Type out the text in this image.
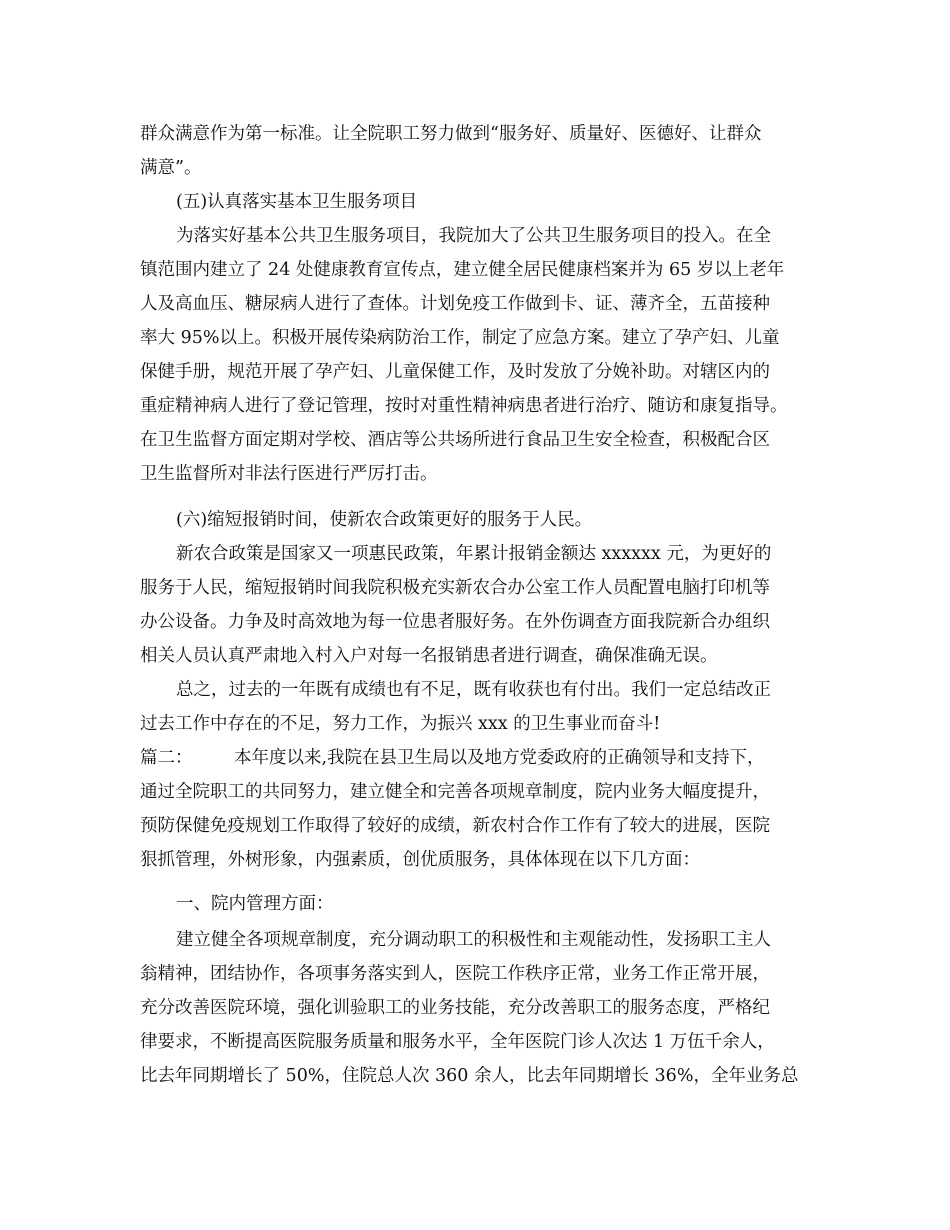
群众满意作为第一标准。让全院职工努力做到“服务好、质量好、医德好、让群众
满意”。
(五)认真落实基本卫生服务项目
为落实好基本公共卫生服务项目，我院加大了公共卫生服务项目的投入。在全
镇范围内建立了 24 处健康教育宣传点，建立健全居民健康档案并为 65 岁以上老年
人及高血压、糖尿病人进行了查体。计划免疫工作做到卡、证、薄齐全，五苗接种
率大 95%以上。积极开展传染病防治工作，制定了应急方案。建立了孕产妇、儿童
保健手册，规范开展了孕产妇、儿童保健工作，及时发放了分娩补助。对辖区内的
重症精神病人进行了登记管理，按时对重性精神病患者进行治疗、随访和康复指导。
在卫生监督方面定期对学校、酒店等公共场所进行食品卫生安全检查，积极配合区
卫生监督所对非法行医进行严厉打击。
(六)缩短报销时间，使新农合政策更好的服务于人民。
新农合政策是国家又一项惠民政策，年累计报销金额达 xxxxxx 元，为更好的
服务于人民，缩短报销时间我院积极充实新农合办公室工作人员配置电脑打印机等
办公设备。力争及时高效地为每一位患者服好务。在外伤调查方面我院新合办组织
相关人员认真严肃地入村入户对每一名报销患者进行调查，确保准确无误。
总之，过去的一年既有成绩也有不足，既有收获也有付出。我们一定总结改正
过去工作中存在的不足，努力工作，为振兴 xxx 的卫生事业而奋斗!
篇二：	本年度以来,我院在县卫生局以及地方党委政府的正确领导和支持下，
通过全院职工的共同努力，建立健全和完善各项规章制度，院内业务大幅度提升，
预防保健免疫规划工作取得了较好的成绩，新农村合作工作有了较大的进展，医院
狠抓管理，外树形象，内强素质，创优质服务，具体体现在以下几方面：
一、院内管理方面：
建立健全各项规章制度，充分调动职工的积极性和主观能动性，发扬职工主人
翁精神，团结协作，各项事务落实到人，医院工作秩序正常，业务工作正常开展，
充分改善医院环境，强化训验职工的业务技能，充分改善职工的服务态度，严格纪
律要求，不断提高医院服务质量和服务水平，全年医院门诊人次达 1 万伍千余人，
比去年同期增长了 50%，住院总人次 360 余人，比去年同期增长 36%，全年业务总
